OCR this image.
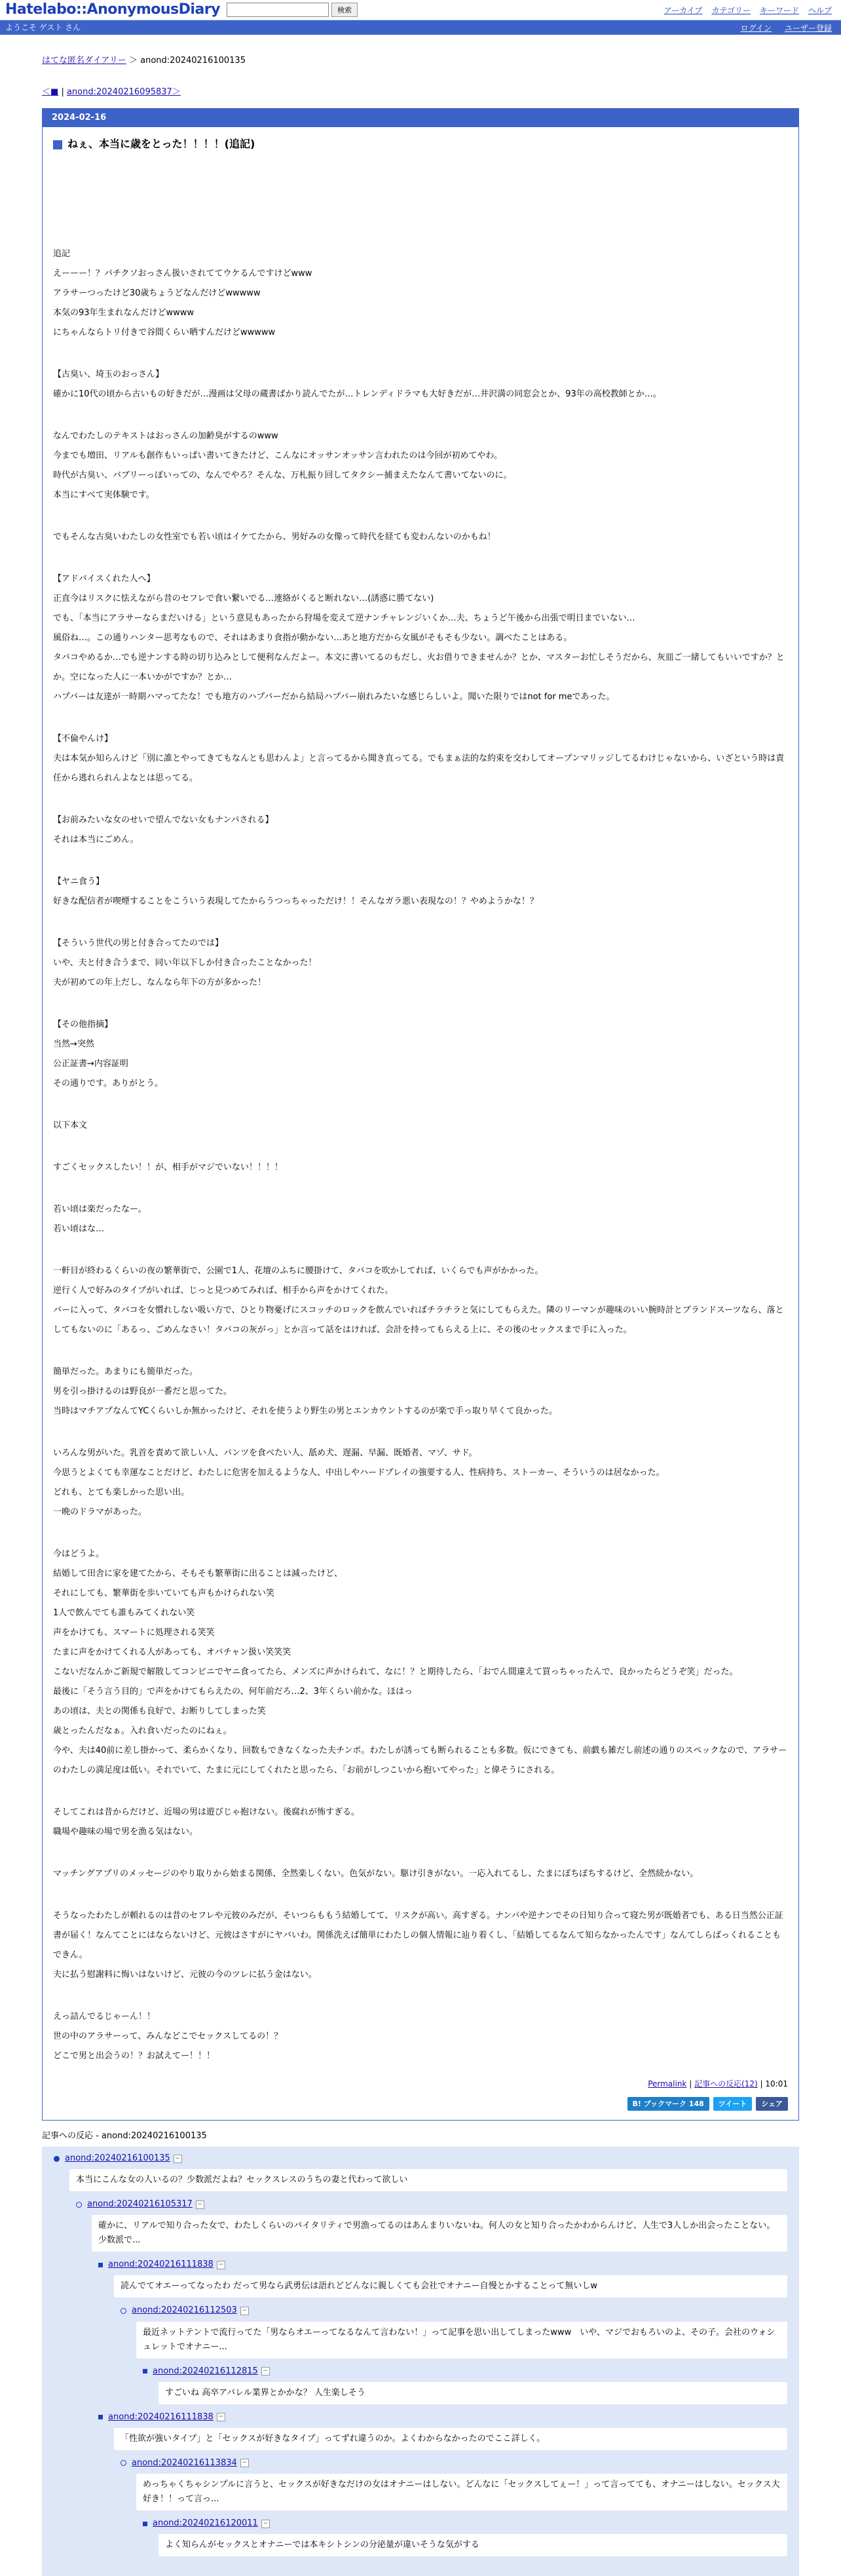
Hatelabo::AnonymousDiary	検索	アーカイブ カテゴリー キーワード ヘルプ
ようこそ ゲスト さん	ログイン ユーザー登録
はてな匿名ダイアリー ＞ anond:20240216100135
＜■ | anond:20240216095837＞
2024-02-16
ねぇ、本当に歳をとった！！！！(追記)

追記

えーーー！？パチクソおっさん扱いされててウケるんですけどwww

アラサーつったけど30歳ちょうどなんだけどwwwww

本気の93年生まれなんだけどwwww

にちゃんならトリ付きで谷間くらい晒すんだけどwwwww

【古臭い、埼玉のおっさん】

確かに10代の頃から古いもの好きだが…漫画は父母の蔵書ばかり読んでたが…トレンディドラマも大好きだが…井沢満の同窓会とか、93年の高校教師とか…。

なんでわたしのテキストはおっさんの加齢臭がするのwww

今までも増田、リアルも創作もいっぱい書いてきたけど、こんなにオッサンオッサン言われたのは今回が初めてやわ。

時代が古臭い、バブリーっぽいっての、なんでやろ？そんな、万札振り回してタクシー捕まえたなんて書いてないのに。

本当にすべて実体験です。

でもそんな古臭いわたしの女性室でも若い頃はイケてたから、男好みの女像って時代を経ても変わんないのかもね！

【アドバイスくれた人へ】

正直今はリスクに怯えながら昔のセフレで食い繋いでる…連絡がくると断れない…(誘惑に勝てない)

でも、「本当にアラサーならまだいける」という意見もあったから狩場を変えて逆ナンチャレンジいくか…夫、ちょうど午後から出張で明日までいない…

風俗ね…。この通りハンター思考なもので、それはあまり食指が動かない…あと地方だから女風がそもそも少ない。調べたことはある。

タバコやめるか…でも逆ナンする時の切り込みとして便利なんだよー。本文に書いてるのもだし、火お借りできませんか？とか、マスターお忙しそうだから、灰皿ご一緒してもいいですか？とか。空になった人に一本いかがですか？とか…

ハプバーは友達が一時期ハマってたな！でも地方のハプバーだから結局ハプバー崩れみたいな感じらしいよ。聞いた限りではnot for meであった。

【不倫やんけ】

夫は本気か知らんけど「別に誰とやってきてもなんとも思わんよ」と言ってるから聞き直ってる。でもまぁ法的な約束を交わしてオープンマリッジしてるわけじゃないから、いざという時は責任から逃れられんよなとは思ってる。

【お前みたいな女のせいで望んでない女もナンパされる】

それは本当にごめん。

【ヤニ食う】

好きな配信者が喫煙することをこういう表現してたからうつっちゃっただけ！！そんなガラ悪い表現なの！？やめようかな！？

【そういう世代の男と付き合ってたのでは】

いや、夫と付き合うまで、同い年以下しか付き合ったことなかった！

夫が初めての年上だし、なんなら年下の方が多かった！

【その他指摘】

当然→突然

公正証書→内容証明

その通りです。ありがとう。

以下本文

すごくセックスしたい！！が、相手がマジでいない！！！！

若い頃は楽だったなー。

若い頃はな…

一軒目が終わるくらいの夜の繁華街で、公園で1人、花壇のふちに腰掛けて、タバコを吹かしてれば、いくらでも声がかかった。

逆行く人で好みのタイプがいれば、じっと見つめてみれば、相手から声をかけてくれた。

バーに入って、タバコを女慣れしない吸い方で、ひとり物憂げにスコッチのロックを飲んでいればチラチラと気にしてもらえた。隣のリーマンが趣味のいい腕時計とブランドスーツなら、落としてもないのに「あるっ、ごめんなさい！タバコの灰がっ」とか言って話をはければ、会計を持ってもらえる上に、その後のセックスまで手に入った。

簡単だった。あまりにも簡単だった。

男を引っ掛けるのは野良が一番だと思ってた。

当時はマチアプなんてYCくらいしか無かったけど、それを使うより野生の男とエンカウントするのが楽で手っ取り早くて良かった。

いろんな男がいた。乳首を責めて欲しい人、パンツを食べたい人、舐め犬、遅漏、早漏、既婚者、マゾ、サド。

今思うとよくても幸運なことだけど、わたしに危害を加えるような人、中出しやハードプレイの強要する人、性病持ち、ストーカー、そういうのは居なかった。

どれも、とても楽しかった思い出。

一晩のドラマがあった。

今はどうよ。

結婚して田舎に家を建てたから、そもそも繁華街に出ることは減ったけど、

それにしても、繁華街を歩いていても声もかけられない笑

1人で飲んでても誰もみてくれない笑

声をかけても、スマートに処理される笑笑

たまに声をかけてくれる人があっても、オバチャン扱い笑笑笑

こないだなんかご新規で解散してコンビニでヤニ食ってたら、メンズに声かけられて、なに！？と期待したら、「おでん間違えて買っちゃったんで、良かったらどうぞ笑」だった。

最後に「そう言う目的」で声をかけてもらえたの、何年前だろ…2、3年くらい前かな。ほはっ

あの頃は、夫との関係も良好で、お断りしてしまった笑

歳とったんだなぁ。入れ食いだったのにねぇ。

今や、夫は40前に差し掛かって、柔らかくなり、回数もできなくなった夫チンポ。わたしが誘っても断られることも多数。仮にできても、前戯も雑だし前述の通りのスペックなので、アラサーのわたしの満足度は低い。それでいて、たまに元にしてくれたと思ったら、「お前がしつこいから抱いてやった」と偉そうにされる。

そしてこれは昔からだけど、近場の男は遊びじゃ抱けない。後腐れが怖すぎる。

職場や趣味の場で男を漁る気はない。

マッチングアプリのメッセージのやり取りから始まる関係、全然楽しくない。色気がない。駆け引きがない。一応入れてるし、たまにぽちぽちするけど、全然続かない。

そうなったわたしが頼れるのは昔のセフレや元彼のみだが、そいつらももう結婚してて、リスクが高い。高すぎる。ナンパや逆ナンでその日知り合って寝た男が既婚者でも、ある日当然公正証書が届く！なんてことにはならないけど、元彼はさすがにヤバいわ。関係洗えば簡単にわたしの個人情報に辿り着くし、「結婚してるなんて知らなかったんです」なんてしらばっくれることもできん。

夫に払う慰謝料に悔いはないけど、元彼の今のツレに払う金はない。

えっ詰んでるじゃーん！！

世の中のアラサーって、みんなどこでセックスしてるの！？

どこで男と出会うの！？お試えてー！！！

Permalink | 記事への反応(12) | 10:01
B! ブックマーク 148	ツイート	シェア
記事への反応 - anond:20240216100135
anond:20240216100135 −
本当にこんな女の人いるの？少数派だよね？セックスレスのうちの妻と代わって欲しい
anond:20240216105317 −
確かに、リアルで知り合った女で、わたしくらいのバイタリティで男漁ってるのはあんまりいないね。何人の女と知り合ったかわからんけど、人生で3人しか出会ったことない。少数派で...
anond:20240216111838 −
読んでてオエーってなったわ だって男なら武勇伝は語れどどんなに親しくても会社でオナニー自慢とかすることって無いしw
anond:20240216112503 −
最近ネットテントで流行ってた「男ならオエーってなるなんて言わない！」って記事を思い出してしまったwww　いや、マジでおもろいのよ、その子。会社のウォシュレットでオナニー...
anond:20240216112815 −
すごいね 高卒アパレル業界とかかな？ 人生楽しそう
anond:20240216111838 −
「性欲が強いタイプ」と「セックスが好きなタイプ」ってずれ違うのか。よくわからなかったのでここ詳しく。
anond:20240216113834 −
めっちゃくちゃシンプルに言うと、セックスが好きなだけの女はオナニーはしない。どんなに「セックスしてぇー！」って言ってても、オナニーはしない。セックス大好き！！って言っ...
anond:20240216120011 −
よく知らんがセックスとオナニーでは本キシトシンの分泌量が違いそうな気がする
